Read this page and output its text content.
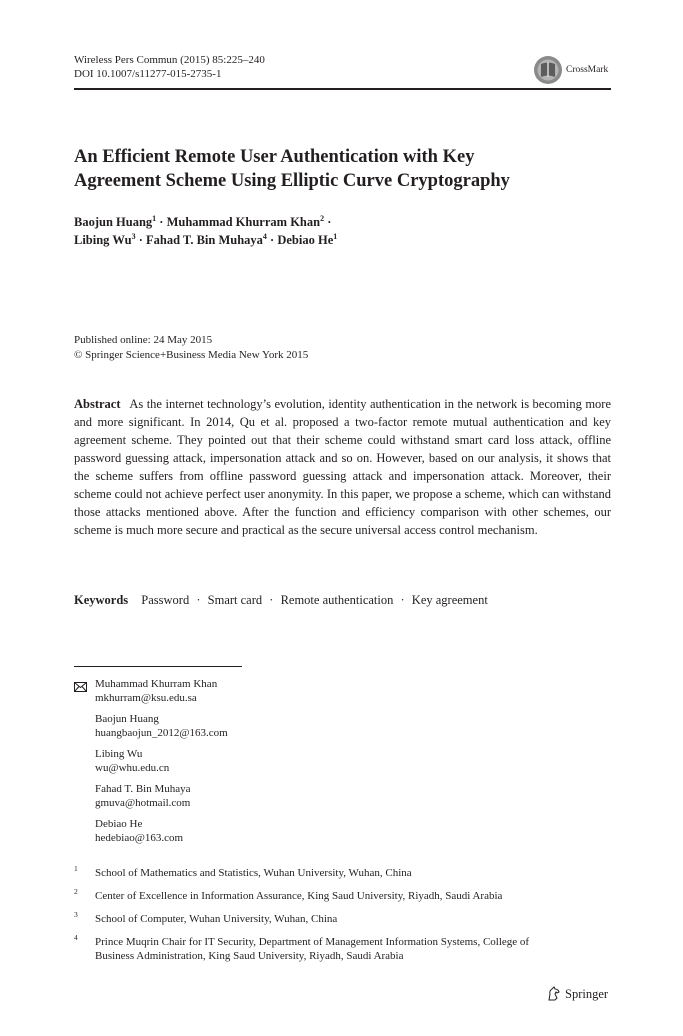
Wireless Pers Commun (2015) 85:225–240
DOI 10.1007/s11277-015-2735-1	CrossMark
An Efficient Remote User Authentication with Key
Agreement Scheme Using Elliptic Curve Cryptography
Baojun Huang$^1$ · Muhammad Khurram Khan$^2$ ·
Libing $Wu^3$ · Fahad T. Bin Muhaya$^4$ · Debiao He$^1$
Published online: 24 May 2015
© Springer Science+Business Media New York 2015
Abstract As the internet technology’s evolution, identity authentication in the network is becoming more and more significant. In 2014, Qu et al. proposed a two-factor remote mutual authentication and key agreement scheme. They pointed out that their scheme could withstand smart card loss attack, offline password guessing attack, impersonation attack and so on. However, based on our analysis, it shows that the scheme suffers from offline password guessing attack and impersonation attack. Moreover, their scheme could not achieve perfect user anonymity. In this paper, we propose a scheme, which can withstand those attacks mentioned above. After the function and efficiency comparison with other schemes, our scheme is much more secure and practical as the secure universal access control mechanism.
Keywords Password · Smart card · Remote authentication · Key agreement
Muhammad Khurram Khan
mkhurram@ksu.edu.sa
Baojun Huang
huangbaojun_2012@163.com
Libing Wu
wu@whu.edu.cn
Fahad T. Bin Muhaya
gmuva@hotmail.com
Debiao He
hedebiao@163.com
1 School of Mathematics and Statistics, Wuhan University, Wuhan, China
2 Center of Excellence in Information Assurance, King Saud University, Riyadh, Saudi Arabia
3 School of Computer, Wuhan University, Wuhan, China
4 Prince Muqrin Chair for IT Security, Department of Management Information Systems, College of
Business Administration, King Saud University, Riyadh, Saudi Arabia
Springer
